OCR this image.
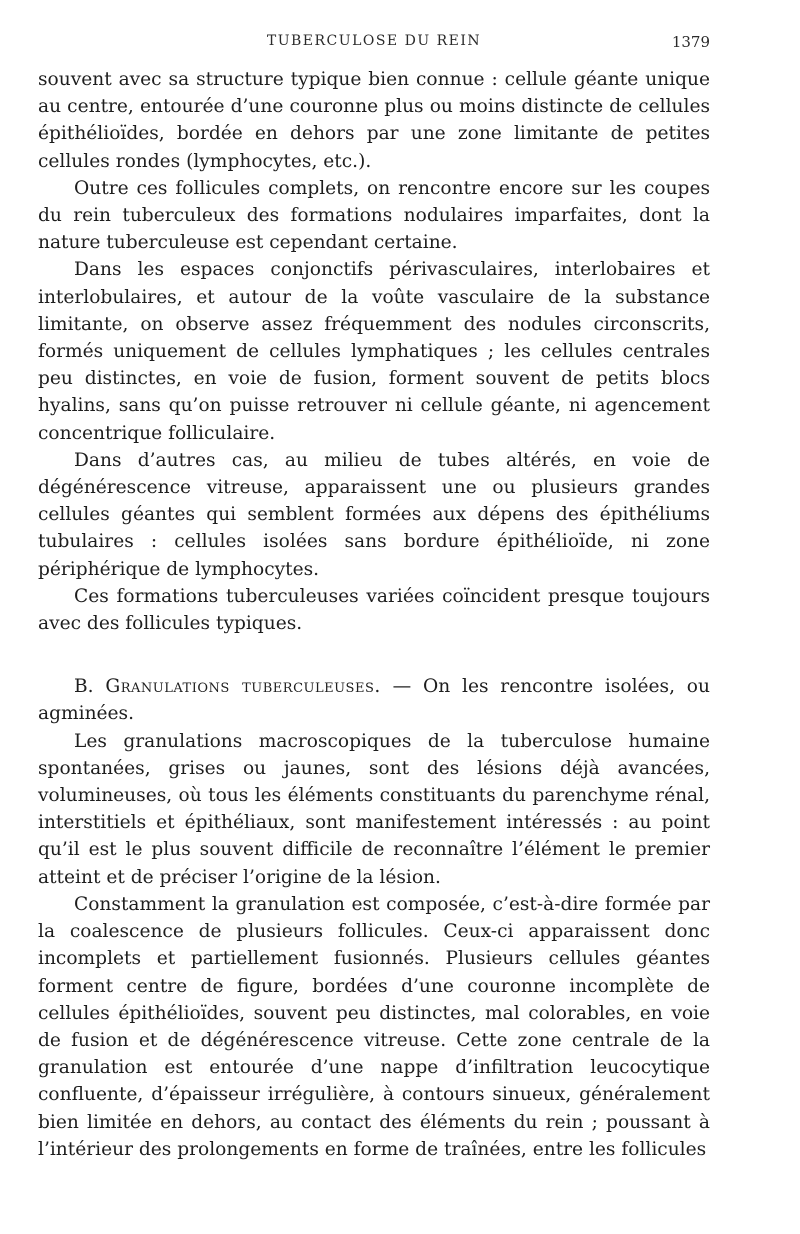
TUBERCULOSE DU REIN	1379

souvent avec sa structure typique bien connue : cellule géante unique au centre, entourée d’une couronne plus ou moins distincte de cellules épithélioïdes, bordée en dehors par une zone limitante de petites cellules rondes (lymphocytes, etc.).

Outre ces follicules complets, on rencontre encore sur les coupes du rein tuberculeux des formations nodulaires imparfaites, dont la nature tuberculeuse est cependant certaine.

Dans les espaces conjonctifs périvasculaires, interlobaires et interlobulaires, et autour de la voûte vasculaire de la substance limitante, on observe assez fréquemment des nodules circonscrits, formés uniquement de cellules lymphatiques ; les cellules centrales peu distinctes, en voie de fusion, forment souvent de petits blocs hyalins, sans qu’on puisse retrouver ni cellule géante, ni agencement concentrique folliculaire.

Dans d’autres cas, au milieu de tubes altérés, en voie de dégénérescence vitreuse, apparaissent une ou plusieurs grandes cellules géantes qui semblent formées aux dépens des épithéliums tubulaires : cellules isolées sans bordure épithélioïde, ni zone périphérique de lymphocytes.

Ces formations tuberculeuses variées coïncident presque toujours avec des follicules typiques.

B. Granulations tuberculeuses. — On les rencontre isolées, ou agminées.

Les granulations macroscopiques de la tuberculose humaine spontanées, grises ou jaunes, sont des lésions déjà avancées, volumineuses, où tous les éléments constituants du parenchyme rénal, interstitiels et épithéliaux, sont manifestement intéressés : au point qu’il est le plus souvent difficile de reconnaître l’élément le premier atteint et de préciser l’origine de la lésion.

Constamment la granulation est composée, c’est-à-dire formée par la coalescence de plusieurs follicules. Ceux-ci apparaissent donc incomplets et partiellement fusionnés. Plusieurs cellules géantes forment centre de figure, bordées d’une couronne incomplète de cellules épithélioïdes, souvent peu distinctes, mal colorables, en voie de fusion et de dégénérescence vitreuse. Cette zone centrale de la granulation est entourée d’une nappe d’infiltration leucocytique confluente, d’épaisseur irrégulière, à contours sinueux, généralement bien limitée en dehors, au contact des éléments du rein ; poussant à l’intérieur des prolongements en forme de traînées, entre les follicules
